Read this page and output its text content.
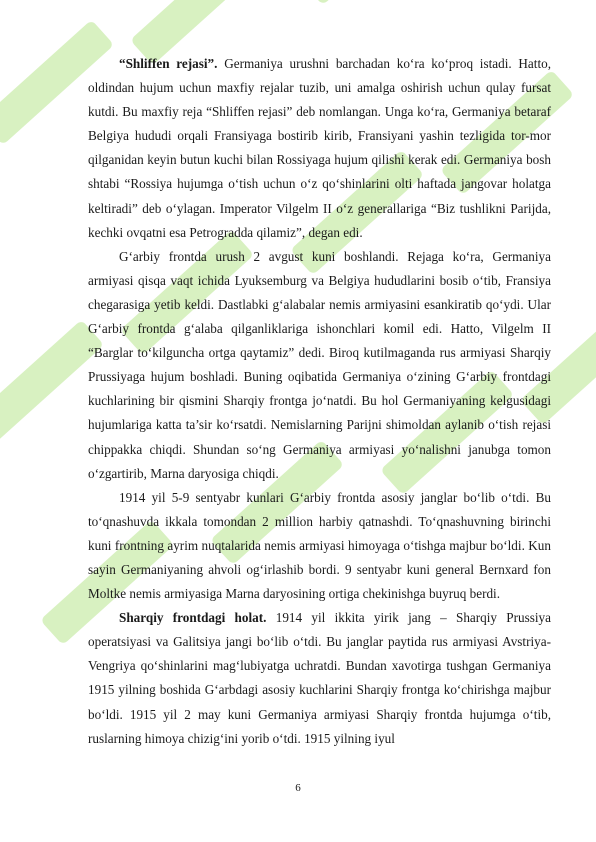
“Shliffen rejasi”. Germaniya urushni barchadan ko‘ra ko‘proq istadi. Hatto, oldindan hujum uchun maxfiy rejalar tuzib, uni amalga oshirish uchun qulay fursat kutdi. Bu maxfiy reja “Shliffen rejasi” deb nomlangan. Unga ko‘ra, Germaniya betaraf Belgiya hududi orqali Fransiyaga bostirib kirib, Fransiyani yashin tezligida tor-mor qilganidan keyin butun kuchi bilan Rossiyaga hujum qilishi kerak edi. Germaniya bosh shtabi “Rossiya hujumga o‘tish uchun o‘z qo‘shinlarini olti haftada jangovar holatga keltiradi” deb o‘ylagan. Imperator Vilgelm II o‘z generallariga “Biz tushlikni Parijda, kechki ovqatni esa Petrogradda qilamiz”, degan edi.

G‘arbiy frontda urush 2 avgust kuni boshlandi. Rejaga ko‘ra, Germaniya armiyasi qisqa vaqt ichida Lyuksemburg va Belgiya hududlarini bosib o‘tib, Fransiya chegarasiga yetib keldi. Dastlabki g‘alabalar nemis armiyasini esankiratib qo‘ydi. Ular G‘arbiy frontda g‘alaba qilganliklariga ishonchlari komil edi. Hatto, Vilgelm II “Barglar to‘kilguncha ortga qaytamiz” dedi. Biroq kutilmaganda rus armiyasi Sharqiy Prussiyaga hujum boshladi. Buning oqibatida Germaniya o‘zining G‘arbiy frontdagi kuchlarining bir qismini Sharqiy frontga jo‘natdi. Bu hol Germaniyaning kelgusidagi hujumlariga katta ta’sir ko‘rsatdi. Nemislarning Parijni shimoldan aylanib o‘tish rejasi chippakka chiqdi. Shundan so‘ng Germaniya armiyasi yo‘nalishni janubga tomon o‘zgartirib, Marna daryosiga chiqdi.

1914 yil 5-9 sentyabr kunlari G‘arbiy frontda asosiy janglar bo‘lib o‘tdi. Bu to‘qnashuvda ikkala tomondan 2 million harbiy qatnashdi. To‘qnashuvning birinchi kuni frontning ayrim nuqtalarida nemis armiyasi himoyaga o‘tishga majbur bo‘ldi. Kun sayin Germaniyaning ahvoli og‘irlashib bordi. 9 sentyabr kuni general Bernxard fon Moltke nemis armiyasiga Marna daryosining ortiga chekinishga buyruq berdi.

Sharqiy frontdagi holat. 1914 yil ikkita yirik jang – Sharqiy Prussiya operatsiyasi va Galitsiya jangi bo‘lib o‘tdi. Bu janglar paytida rus armiyasi Avstriya-Vengriya qo‘shinlarini mag‘lubiyatga uchratdi. Bundan xavotirga tushgan Germaniya 1915 yilning boshida G‘arbdagi asosiy kuchlarini Sharqiy frontga ko‘chirishga majbur bo‘ldi. 1915 yil 2 may kuni Germaniya armiyasi Sharqiy frontda hujumga o‘tib, ruslarning himoya chizig‘ini yorib o‘tdi. 1915 yilning iyul

6
